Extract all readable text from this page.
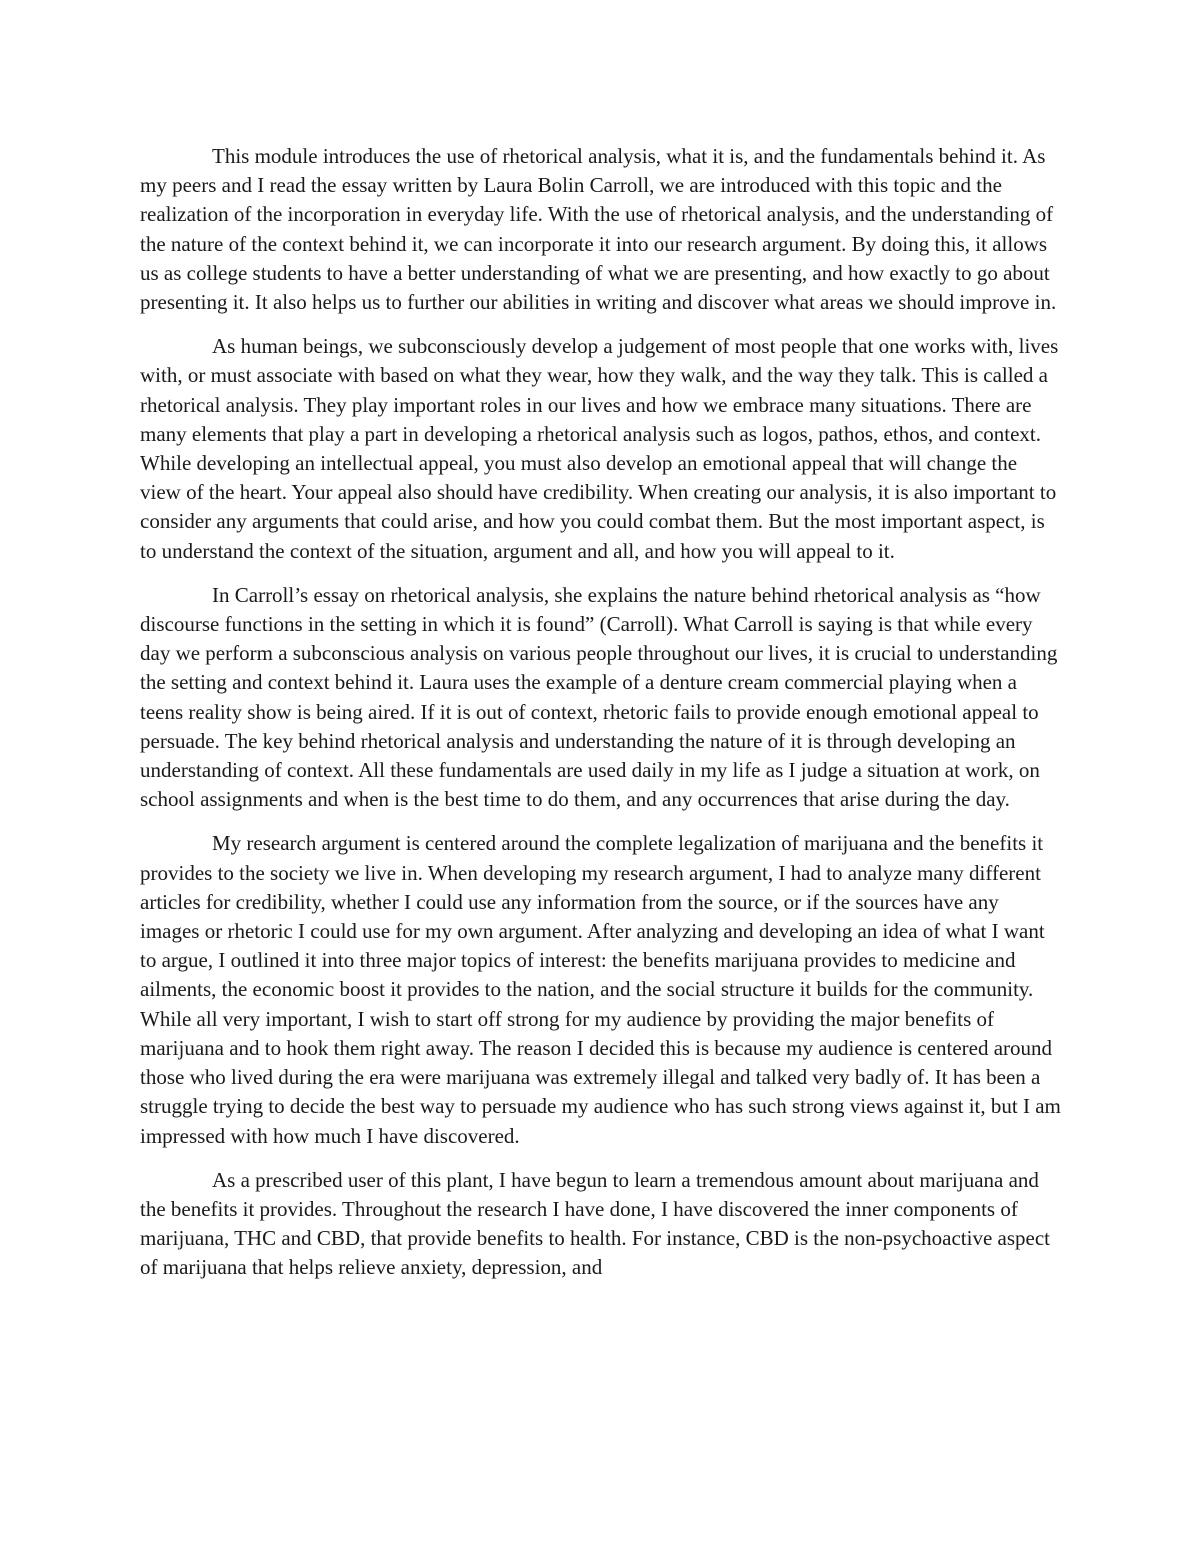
This module introduces the use of rhetorical analysis, what it is, and the fundamentals behind it. As my peers and I read the essay written by Laura Bolin Carroll, we are introduced with this topic and the realization of the incorporation in everyday life. With the use of rhetorical analysis, and the understanding of the nature of the context behind it, we can incorporate it into our research argument. By doing this, it allows us as college students to have a better understanding of what we are presenting, and how exactly to go about presenting it. It also helps us to further our abilities in writing and discover what areas we should improve in.

As human beings, we subconsciously develop a judgement of most people that one works with, lives with, or must associate with based on what they wear, how they walk, and the way they talk. This is called a rhetorical analysis. They play important roles in our lives and how we embrace many situations. There are many elements that play a part in developing a rhetorical analysis such as logos, pathos, ethos, and context. While developing an intellectual appeal, you must also develop an emotional appeal that will change the view of the heart. Your appeal also should have credibility. When creating our analysis, it is also important to consider any arguments that could arise, and how you could combat them. But the most important aspect, is to understand the context of the situation, argument and all, and how you will appeal to it.

In Carroll’s essay on rhetorical analysis, she explains the nature behind rhetorical analysis as “how discourse functions in the setting in which it is found” (Carroll). What Carroll is saying is that while every day we perform a subconscious analysis on various people throughout our lives, it is crucial to understanding the setting and context behind it. Laura uses the example of a denture cream commercial playing when a teens reality show is being aired. If it is out of context, rhetoric fails to provide enough emotional appeal to persuade. The key behind rhetorical analysis and understanding the nature of it is through developing an understanding of context. All these fundamentals are used daily in my life as I judge a situation at work, on school assignments and when is the best time to do them, and any occurrences that arise during the day.

My research argument is centered around the complete legalization of marijuana and the benefits it provides to the society we live in. When developing my research argument, I had to analyze many different articles for credibility, whether I could use any information from the source, or if the sources have any images or rhetoric I could use for my own argument. After analyzing and developing an idea of what I want to argue, I outlined it into three major topics of interest: the benefits marijuana provides to medicine and ailments, the economic boost it provides to the nation, and the social structure it builds for the community. While all very important, I wish to start off strong for my audience by providing the major benefits of marijuana and to hook them right away. The reason I decided this is because my audience is centered around those who lived during the era were marijuana was extremely illegal and talked very badly of. It has been a struggle trying to decide the best way to persuade my audience who has such strong views against it, but I am impressed with how much I have discovered.

As a prescribed user of this plant, I have begun to learn a tremendous amount about marijuana and the benefits it provides. Throughout the research I have done, I have discovered the inner components of marijuana, THC and CBD, that provide benefits to health. For instance, CBD is the non-psychoactive aspect of marijuana that helps relieve anxiety, depression, and
